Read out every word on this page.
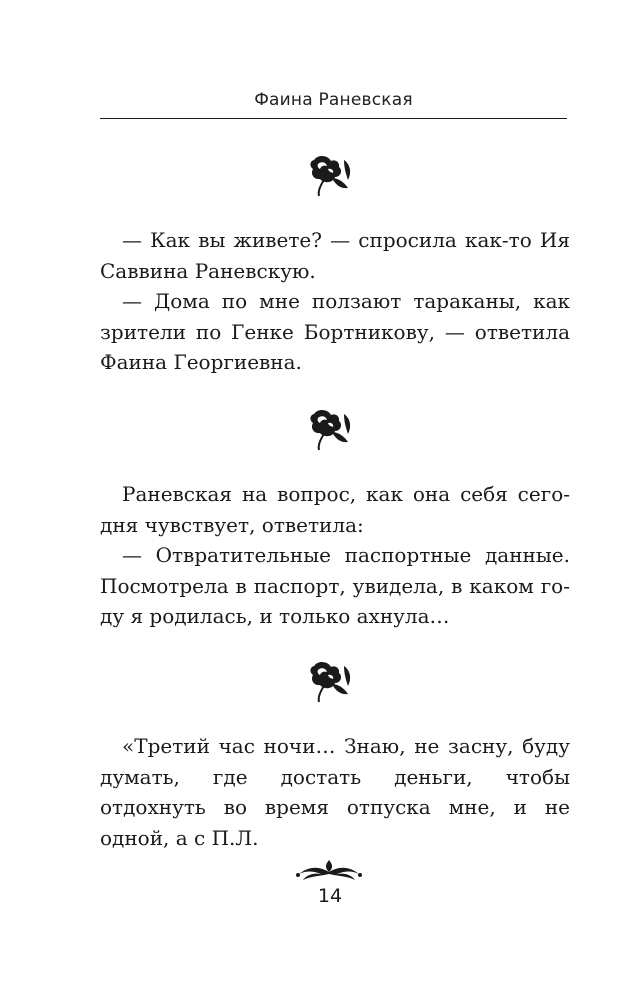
Фаина Раневская

— Как вы живете? — спросила как-то Ия Саввина Раневскую.

— Дома по мне ползают тараканы, как зрители по Генке Бортникову, — ответила Фаина Георгиевна.

Раневская на вопрос, как она себя сегодня чувствует, ответила:

— Отвратительные паспортные данные. Посмотрела в паспорт, увидела, в каком году я родилась, и только ахнула…

«Третий час ночи… Знаю, не засну, буду думать, где достать деньги, чтобы отдохнуть во время отпуска мне, и не одной, а с П.Л.

14
